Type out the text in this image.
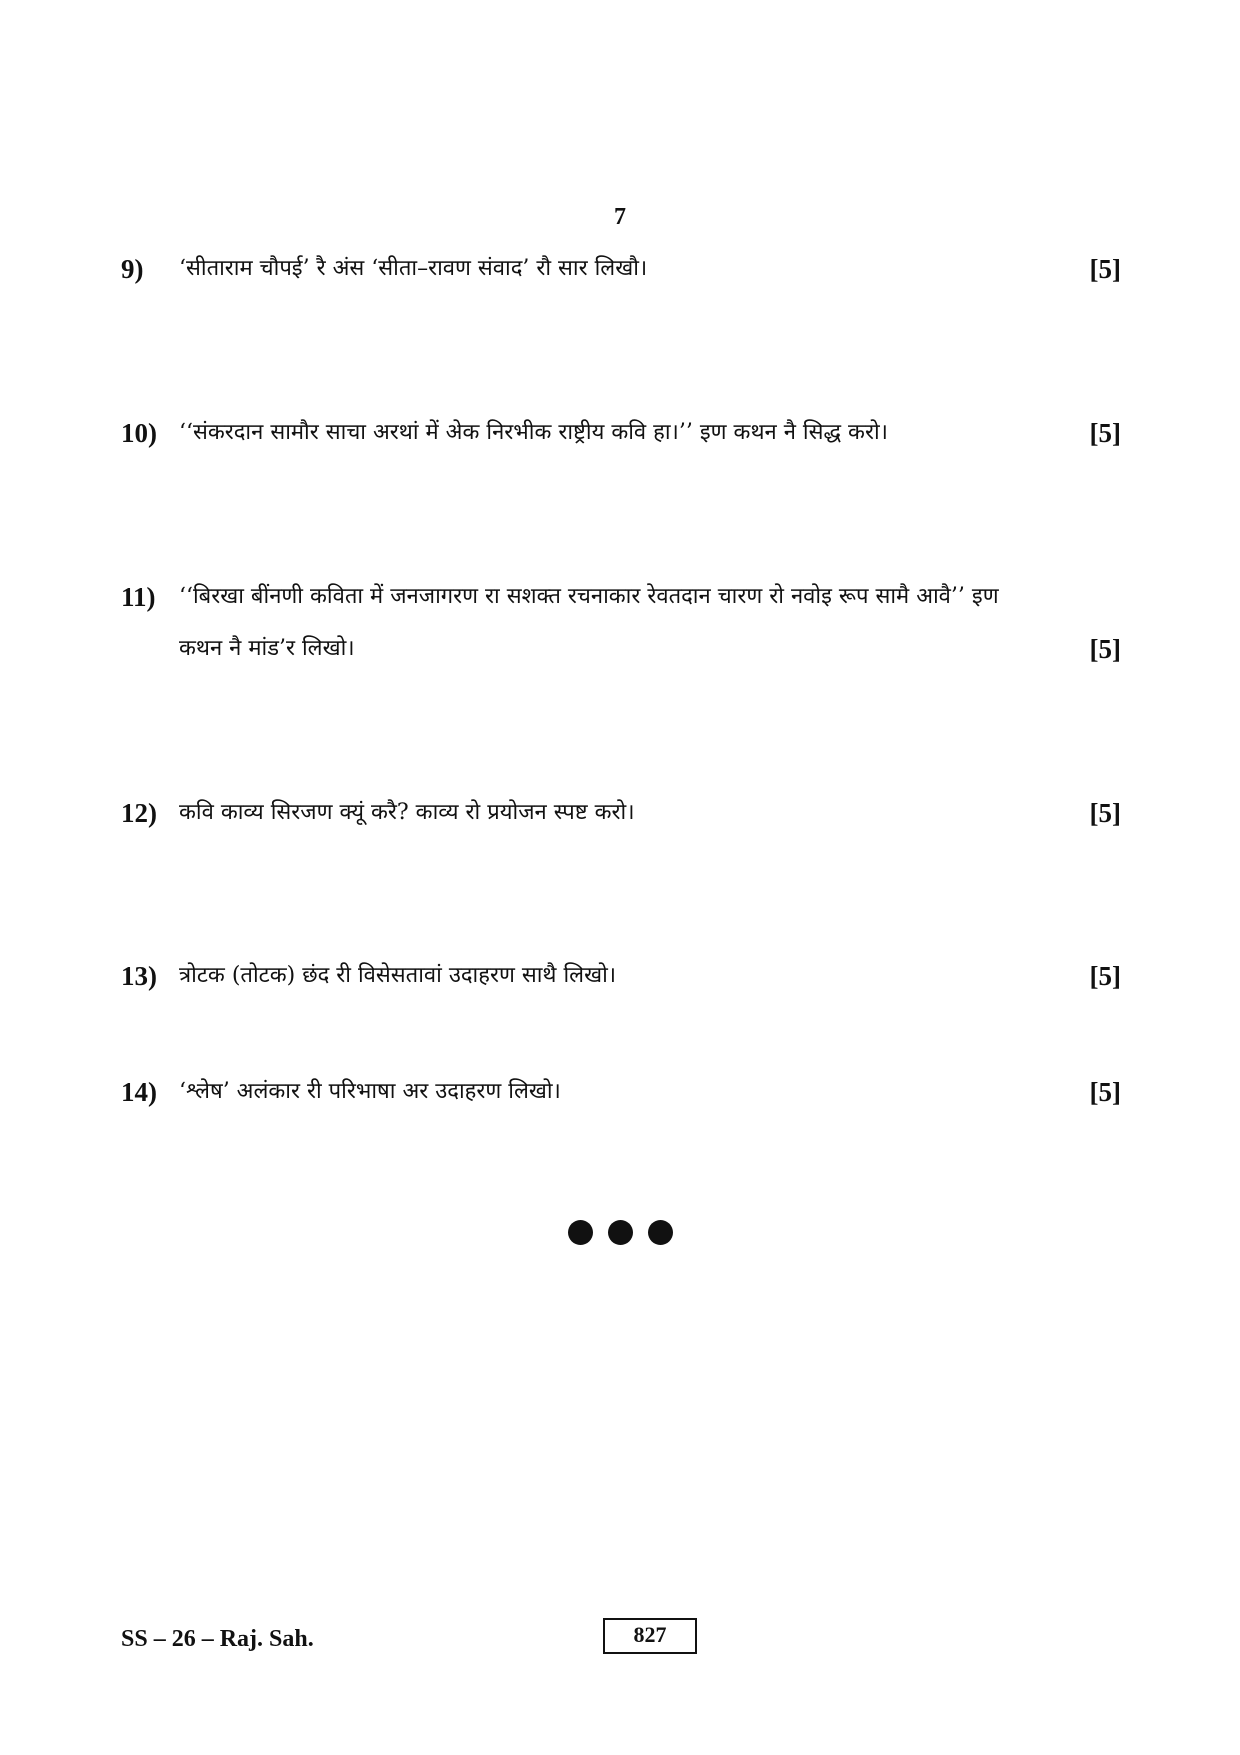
7
9) ‘सीताराम चौपई’ रै अंस ‘सीता–रावण संवाद’ रौ सार लिखौ।	[5]
10) ‘‘संकरदान सामौर साचा अरथां में अेक निरभीक राष्ट्रीय कवि हा।’’ इण कथन नै सिद्ध करो।	[5]
11) ‘‘बिरखा बींनणी कविता में जनजागरण रा सशक्त रचनाकार रेवतदान चारण रो नवोइ रूप सामै आवै’’ इण
कथन नै मांड’र लिखो।	[5]
12) कवि काव्य सिरजण क्यूं करै? काव्य रो प्रयोजन स्पष्ट करो।	[5]
13) त्रोटक (तोटक) छंद री विसेसतावां उदाहरण साथै लिखो।	[5]
14) ‘श्लेष’ अलंकार री परिभाषा अर उदाहरण लिखो।	[5]
SS – 26 – Raj. Sah.	827
